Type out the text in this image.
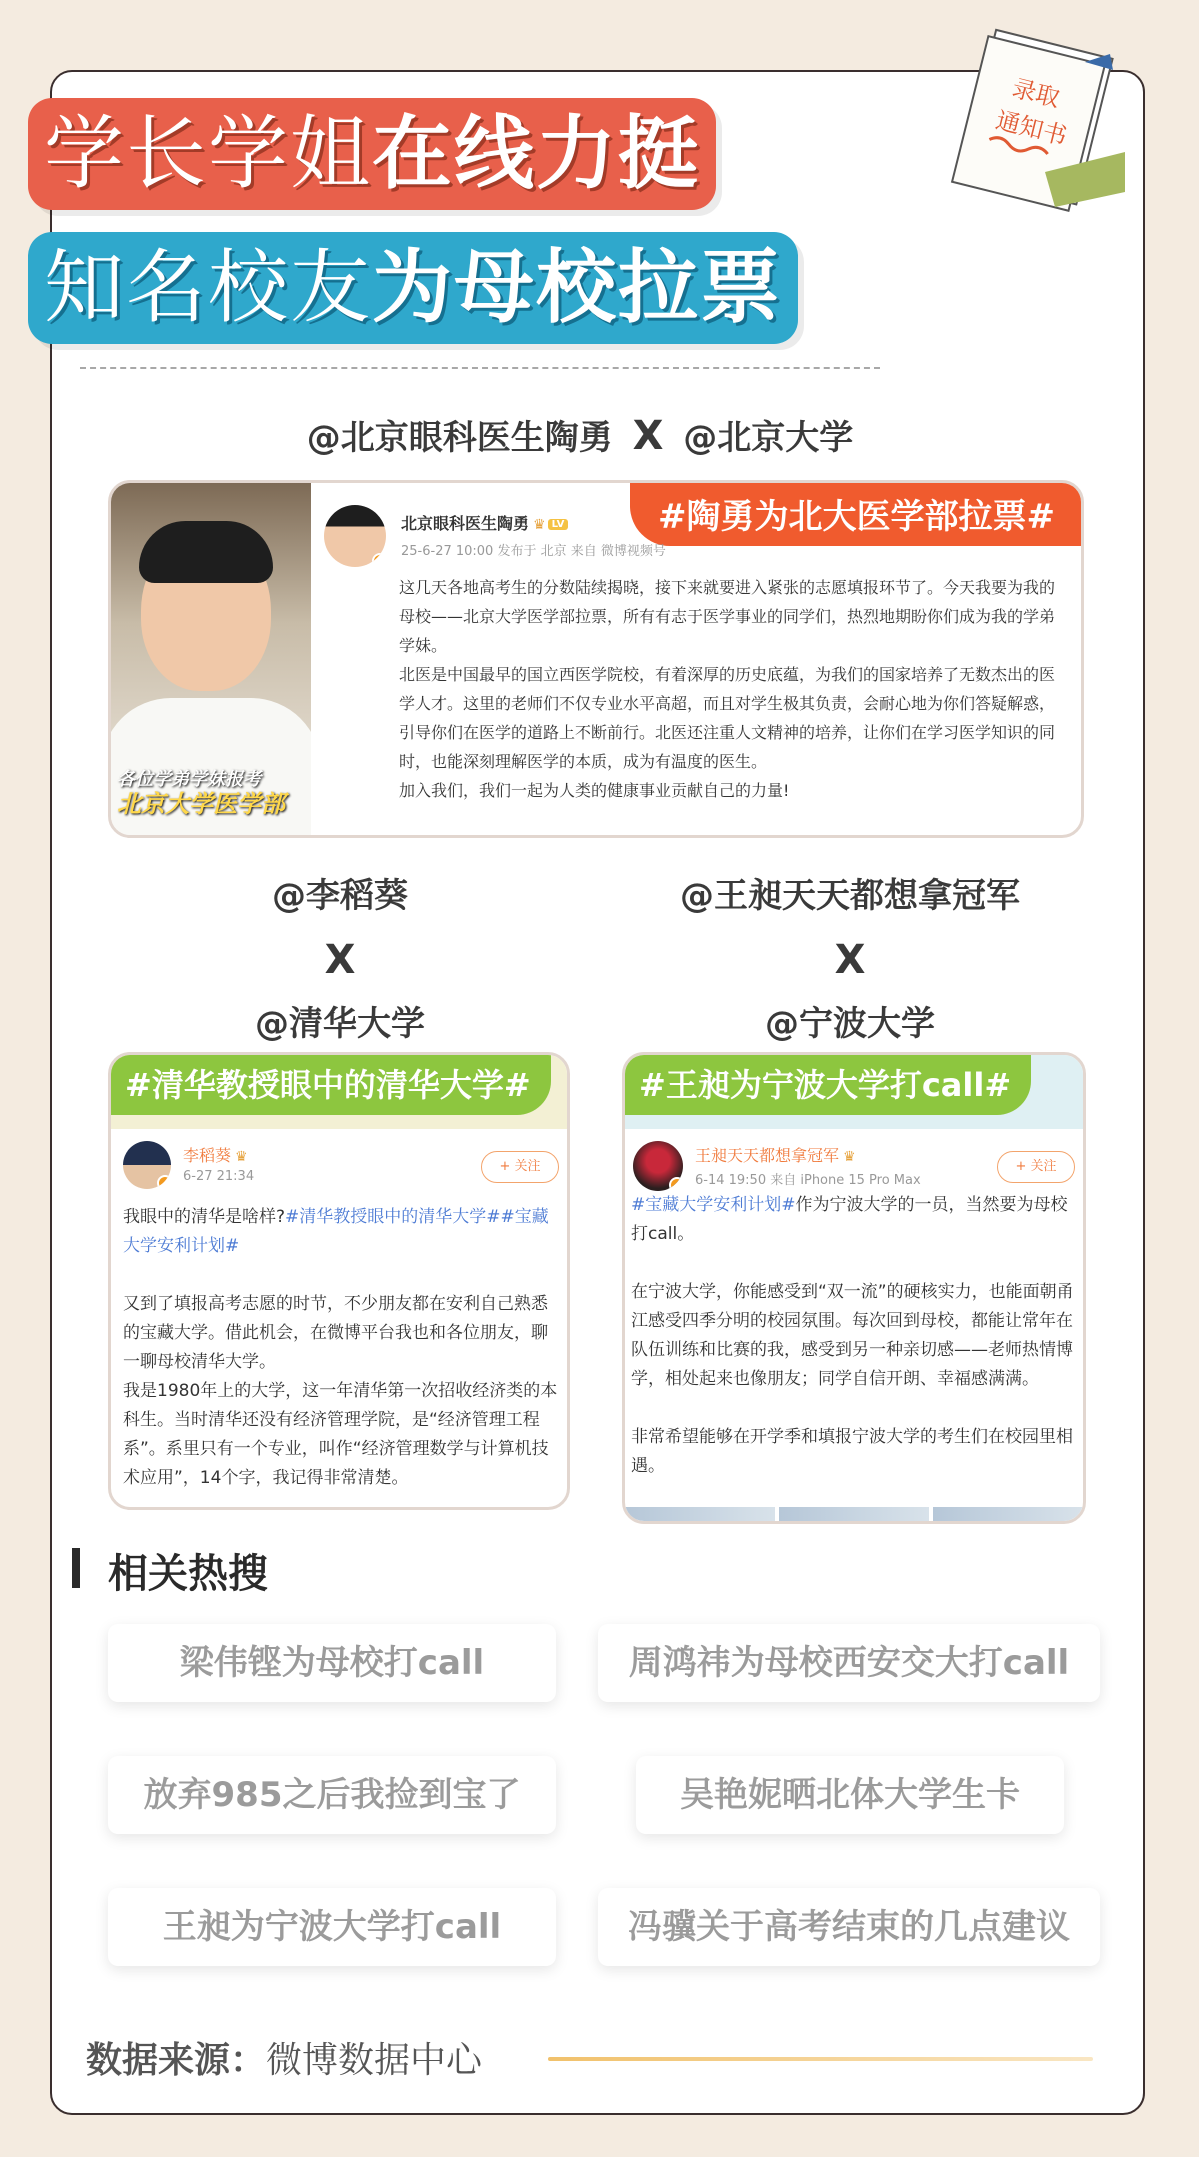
录取
通知书
学长学姐在线力挺
知名校友为母校拉票
@北京眼科医生陶勇 X @北京大学
各位学弟学妹报考
北京大学医学部
#陶勇为北大医学部拉票#
北京眼科医生陶勇 ♛ LV
25-6-27 10:00 发布于 北京 来自 微博视频号

这几天各地高考生的分数陆续揭晓，接下来就要进入紧张的志愿填报环节了。今天我要为我的母校——北京大学医学部拉票，所有有志于医学事业的同学们，热烈地期盼你们成为我的学弟学妹。

北医是中国最早的国立西医学院校，有着深厚的历史底蕴，为我们的国家培养了无数杰出的医学人才。这里的老师们不仅专业水平高超，而且对学生极其负责，会耐心地为你们答疑解惑，引导你们在医学的道路上不断前行。北医还注重人文精神的培养，让你们在学习医学知识的同时，也能深刻理解医学的本质，成为有温度的医生。

加入我们，我们一起为人类的健康事业贡献自己的力量!

@李稻葵
X
@清华大学
@王昶天天都想拿冠军
X
@宁波大学
#清华教授眼中的清华大学#
李稻葵 ♛
6-27 21:34
+ 关注

我眼中的清华是啥样?#清华教授眼中的清华大学##宝藏大学安利计划#

又到了填报高考志愿的时节，不少朋友都在安利自己熟悉的宝藏大学。借此机会，在微博平台我也和各位朋友，聊一聊母校清华大学。

我是1980年上的大学，这一年清华第一次招收经济类的本科生。当时清华还没有经济管理学院，是“经济管理工程系”。系里只有一个专业，叫作“经济管理数学与计算机技术应用”，14个字，我记得非常清楚。

#王昶为宁波大学打call#
王昶天天都想拿冠军 ♛
6-14 19:50 来自 iPhone 15 Pro Max
+ 关注

#宝藏大学安利计划#作为宁波大学的一员，当然要为母校打call。

在宁波大学，你能感受到“双一流”的硬核实力，也能面朝甬江感受四季分明的校园氛围。每次回到母校，都能让常年在队伍训练和比赛的我，感受到另一种亲切感——老师热情博学，相处起来也像朋友；同学自信开朗、幸福感满满。

非常希望能够在开学季和填报宁波大学的考生们在校园里相遇。

相关热搜
梁伟铿为母校打call	周鸿祎为母校西安交大打call
放弃985之后我捡到宝了	吴艳妮晒北体大学生卡
王昶为宁波大学打call	冯骥关于高考结束的几点建议
数据来源：微博数据中心
